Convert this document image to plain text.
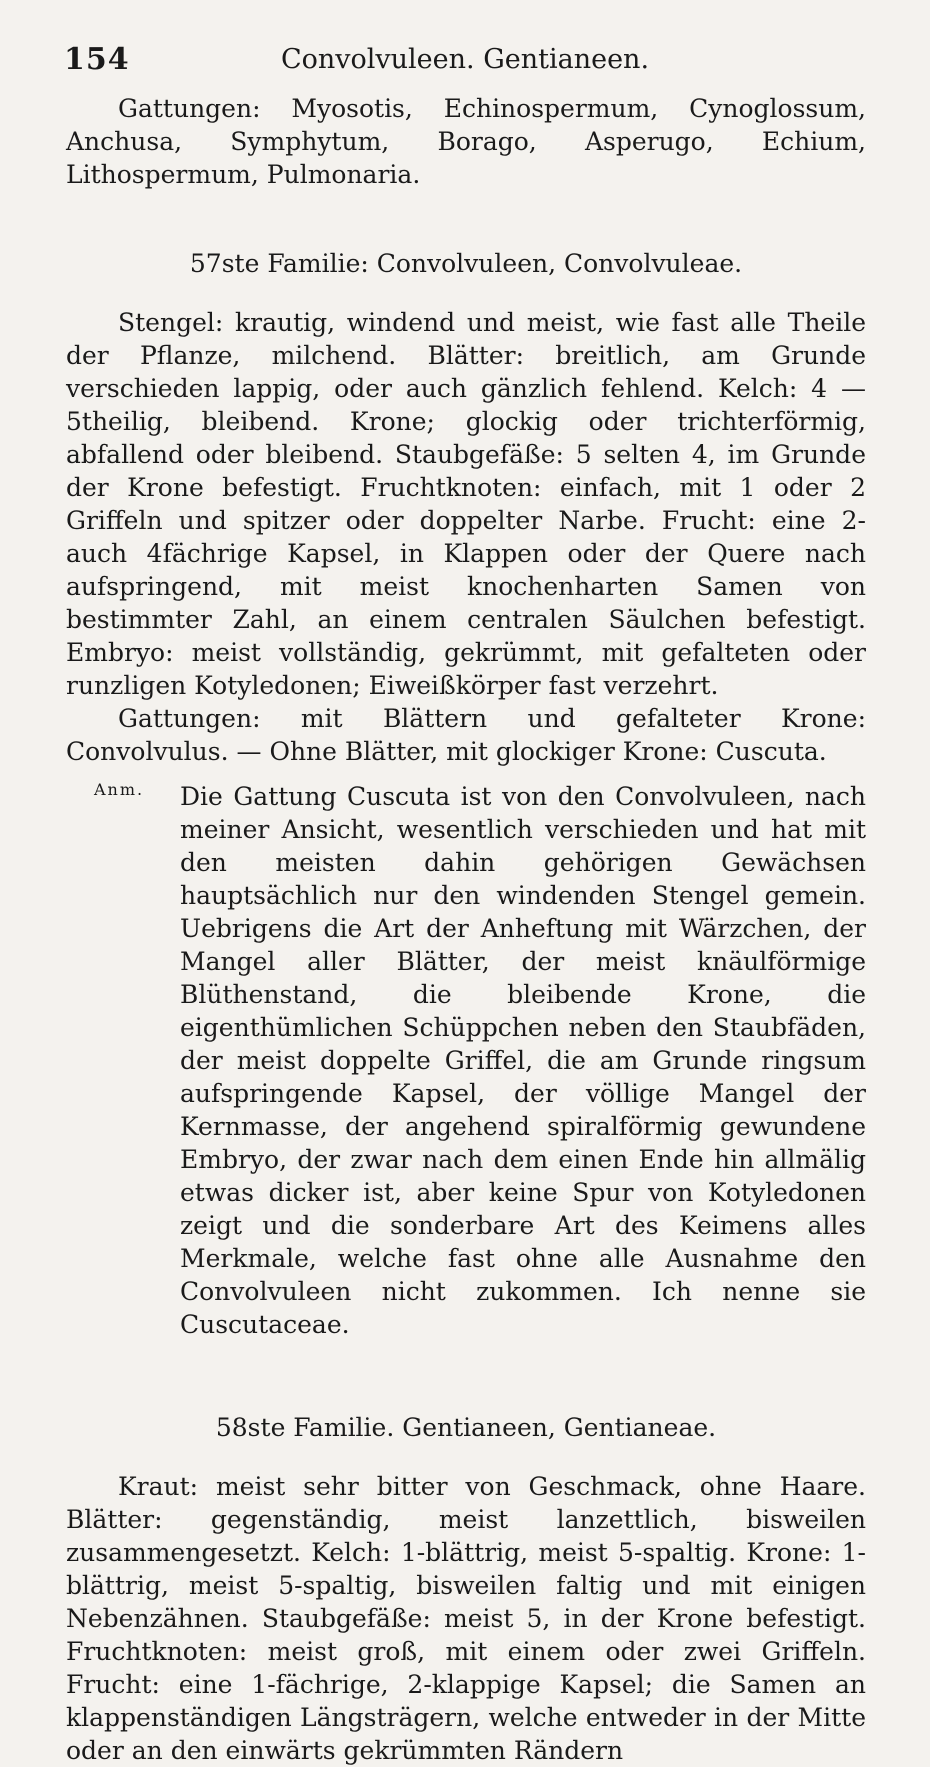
154	Convolvuleen. Gentianeen.

Gattungen: Myosotis, Echinospermum, Cynoglossum, Anchusa, Symphytum, Borago, Asperugo, Echium, Lithospermum, Pulmonaria.

57ste Familie: Convolvuleen, Convolvuleae.

Stengel: krautig, windend und meist, wie fast alle Theile der Pflanze, milchend. Blätter: breitlich, am Grunde verschieden lappig, oder auch gänzlich fehlend. Kelch: 4 — 5theilig, bleibend. Krone; glockig oder trichterförmig, abfallend oder bleibend. Staubgefäße: 5 selten 4, im Grunde der Krone befestigt. Fruchtknoten: einfach, mit 1 oder 2 Griffeln und spitzer oder doppelter Narbe. Frucht: eine 2- auch 4fächrige Kapsel, in Klappen oder der Quere nach aufspringend, mit meist knochenharten Samen von bestimmter Zahl, an einem centralen Säulchen befestigt. Embryo: meist vollständig, gekrümmt, mit gefalteten oder runzligen Kotyledonen; Eiweißkörper fast verzehrt.

Gattungen: mit Blättern und gefalteter Krone: Convolvulus. — Ohne Blätter, mit glockiger Krone: Cuscuta.

Anm. Die Gattung Cuscuta ist von den Convolvuleen, nach meiner Ansicht, wesentlich verschieden und hat mit den meisten dahin gehörigen Gewächsen hauptsächlich nur den windenden Stengel gemein. Uebrigens die Art der Anheftung mit Wärzchen, der Mangel aller Blätter, der meist knäulförmige Blüthenstand, die bleibende Krone, die eigenthümlichen Schüppchen neben den Staubfäden, der meist doppelte Griffel, die am Grunde ringsum aufspringende Kapsel, der völlige Mangel der Kernmasse, der angehend spiralförmig gewundene Embryo, der zwar nach dem einen Ende hin allmälig etwas dicker ist, aber keine Spur von Kotyledonen zeigt und die sonderbare Art des Keimens alles Merkmale, welche fast ohne alle Ausnahme den Convolvuleen nicht zukommen. Ich nenne sie Cuscutaceae.

58ste Familie. Gentianeen, Gentianeae.

Kraut: meist sehr bitter von Geschmack, ohne Haare. Blätter: gegenständig, meist lanzettlich, bisweilen zusammengesetzt. Kelch: 1-blättrig, meist 5-spaltig. Krone: 1-blättrig, meist 5-spaltig, bisweilen faltig und mit einigen Nebenzähnen. Staubgefäße: meist 5, in der Krone befestigt. Fruchtknoten: meist groß, mit einem oder zwei Griffeln. Frucht: eine 1-fächrige, 2-klappige Kapsel; die Samen an klappenständigen Längsträgern, welche entweder in der Mitte oder an den einwärts gekrümmten Rändern
